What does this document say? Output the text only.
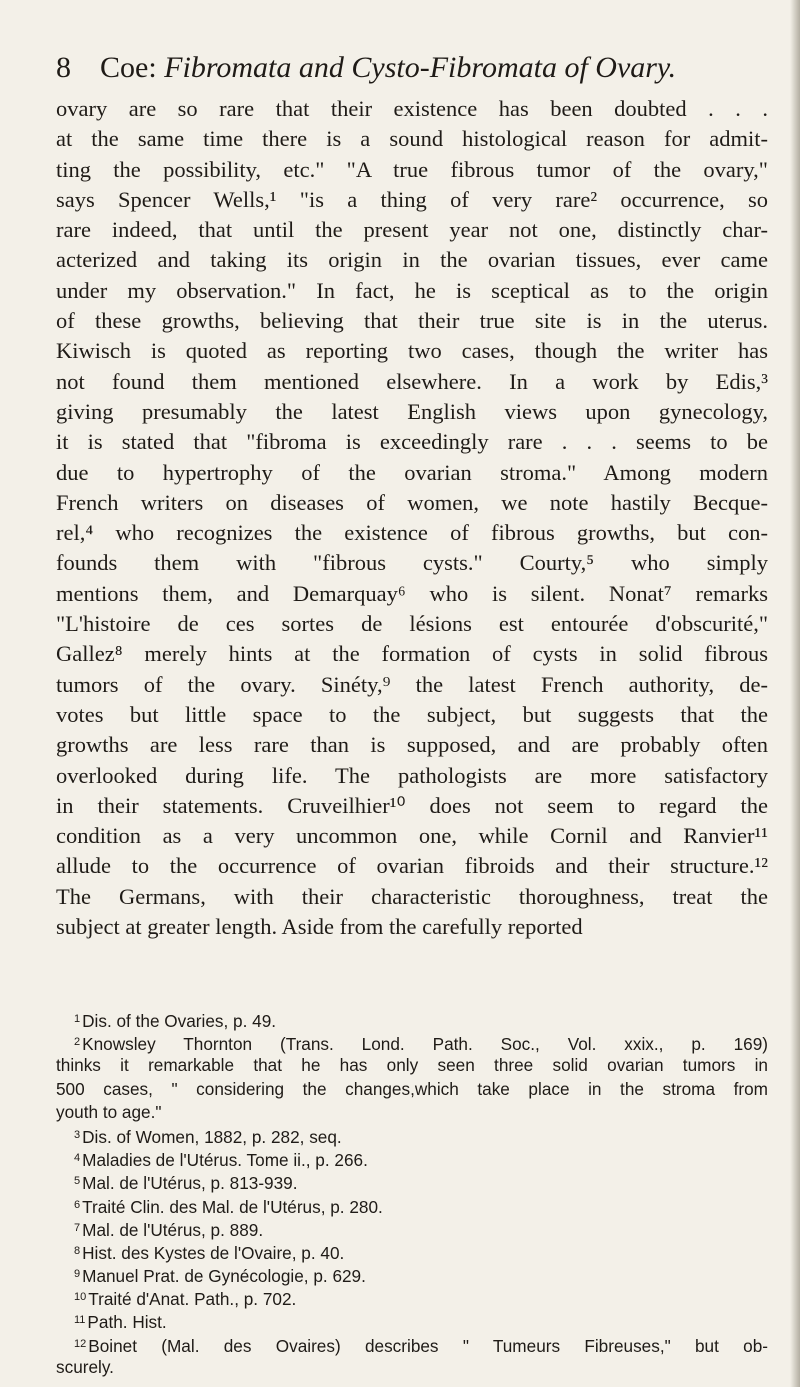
8 Coe: Fibromata and Cysto-Fibromata of Ovary.
ovary are so rare that their existence has been doubted . . .
at the same time there is a sound histological reason for admit-
ting the possibility, etc." "A true fibrous tumor of the ovary,"
says Spencer Wells,¹ "is a thing of very rare² occurrence, so
rare indeed, that until the present year not one, distinctly char-
acterized and taking its origin in the ovarian tissues, ever came
under my observation." In fact, he is sceptical as to the origin
of these growths, believing that their true site is in the uterus.
Kiwisch is quoted as reporting two cases, though the writer has
not found them mentioned elsewhere. In a work by Edis,³
giving presumably the latest English views upon gynecology,
it is stated that "fibroma is exceedingly rare . . . seems to be
due to hypertrophy of the ovarian stroma." Among modern
French writers on diseases of women, we note hastily Becque-
rel,⁴ who recognizes the existence of fibrous growths, but con-
founds them with "fibrous cysts." Courty,⁵ who simply
mentions them, and Demarquay⁶ who is silent. Nonat⁷ remarks
"L'histoire de ces sortes de lésions est entourée d'obscurité,"
Gallez⁸ merely hints at the formation of cysts in solid fibrous
tumors of the ovary. Sinéty,⁹ the latest French authority, de-
votes but little space to the subject, but suggests that the
growths are less rare than is supposed, and are probably often
overlooked during life. The pathologists are more satisfactory
in their statements. Cruveilhier¹⁰ does not seem to regard the
condition as a very uncommon one, while Cornil and Ranvier¹¹
allude to the occurrence of ovarian fibroids and their structure.¹²
The Germans, with their characteristic thoroughness, treat the
subject at greater length. Aside from the carefully reported
$^1$ Dis. of the Ovaries, p. 49.
$^2$ Knowsley Thornton (Trans. Lond. Path. Soc., Vol. xxix., p. 169)
thinks it remarkable that he has only seen three solid ovarian tumors in
500 cases, " considering the changes,which take place in the stroma from
youth to age."
$^3$ Dis. of Women, 1882, p. 282, seq.
$^4$ Maladies de l'Utérus. Tome ii., p. 266.
$^5$ Mal. de l'Utérus, p. 813-939.
$^6$ Traité Clin. des Mal. de l'Utérus, p. 280.
$^7$ Mal. de l'Utérus, p. 889.
$^8$ Hist. des Kystes de l'Ovaire, p. 40.
$^9$ Manuel Prat. de Gynécologie, p. 629.
$^{10}$ Traité d'Anat. Path., p. 702.
$^{11}$ Path. Hist.
$^{12}$ Boinet (Mal. des Ovaires) describes " Tumeurs Fibreuses," but ob-
scurely.
